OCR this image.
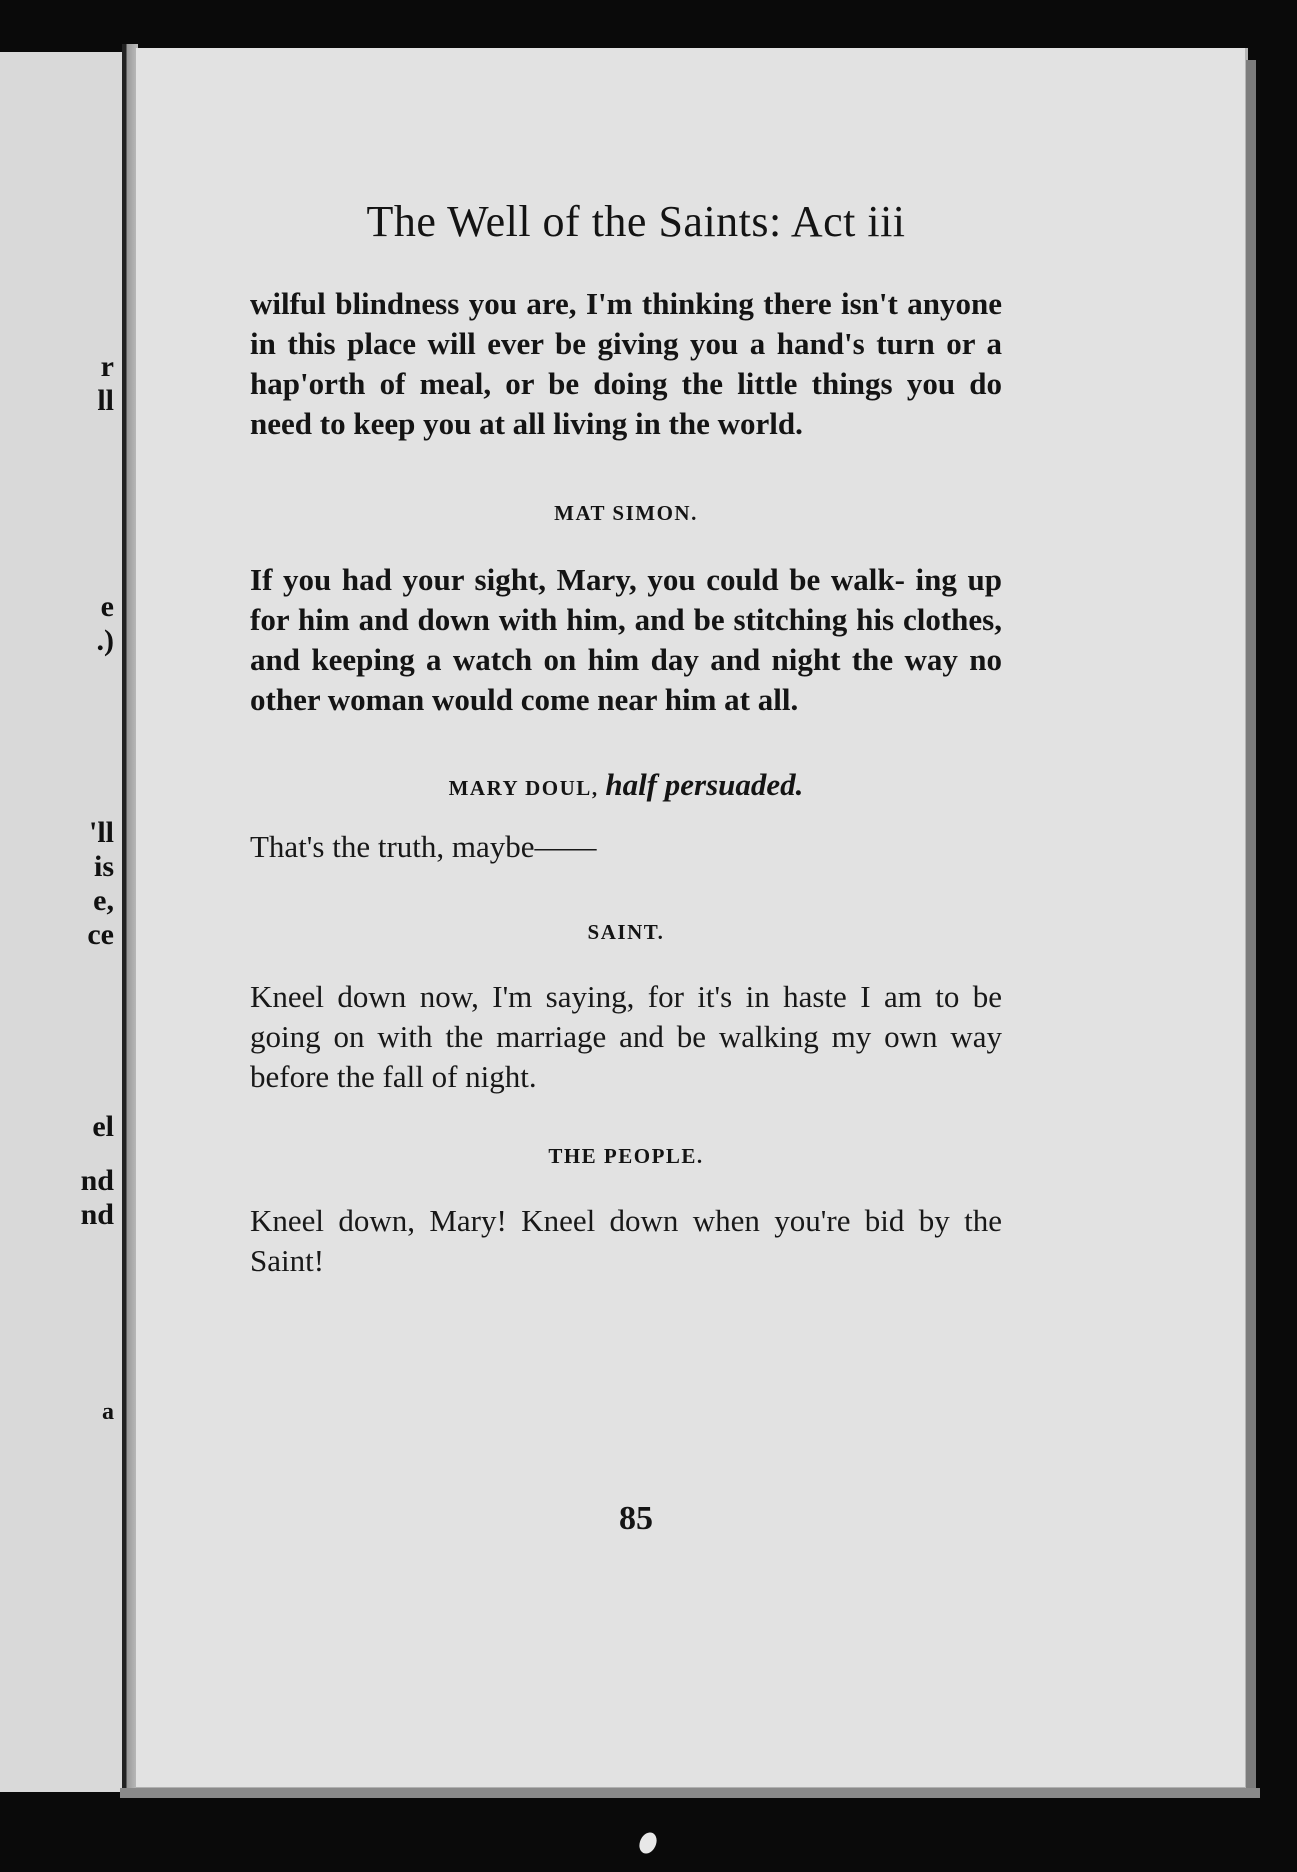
r
ll
e
.)
'll
is
e,
ce
el
nd
nd
a
The Well of the Saints: Act iii

wilful blindness you are, I'm thinking there isn't anyone in this place will ever be giving you a hand's turn or a hap'orth of meal, or be doing the little things you do need to keep you at all living in the world.

MAT SIMON.

If you had your sight, Mary, you could be walk- ing up for him and down with him, and be stitching his clothes, and keeping a watch on him day and night the way no other woman would come near him at all.

MARY DOUL, half persuaded.

That's the truth, maybe——

SAINT.

Kneel down now, I'm saying, for it's in haste I am to be going on with the marriage and be walking my own way before the fall of night.

THE PEOPLE.

Kneel down, Mary! Kneel down when you're bid by the Saint!

85
